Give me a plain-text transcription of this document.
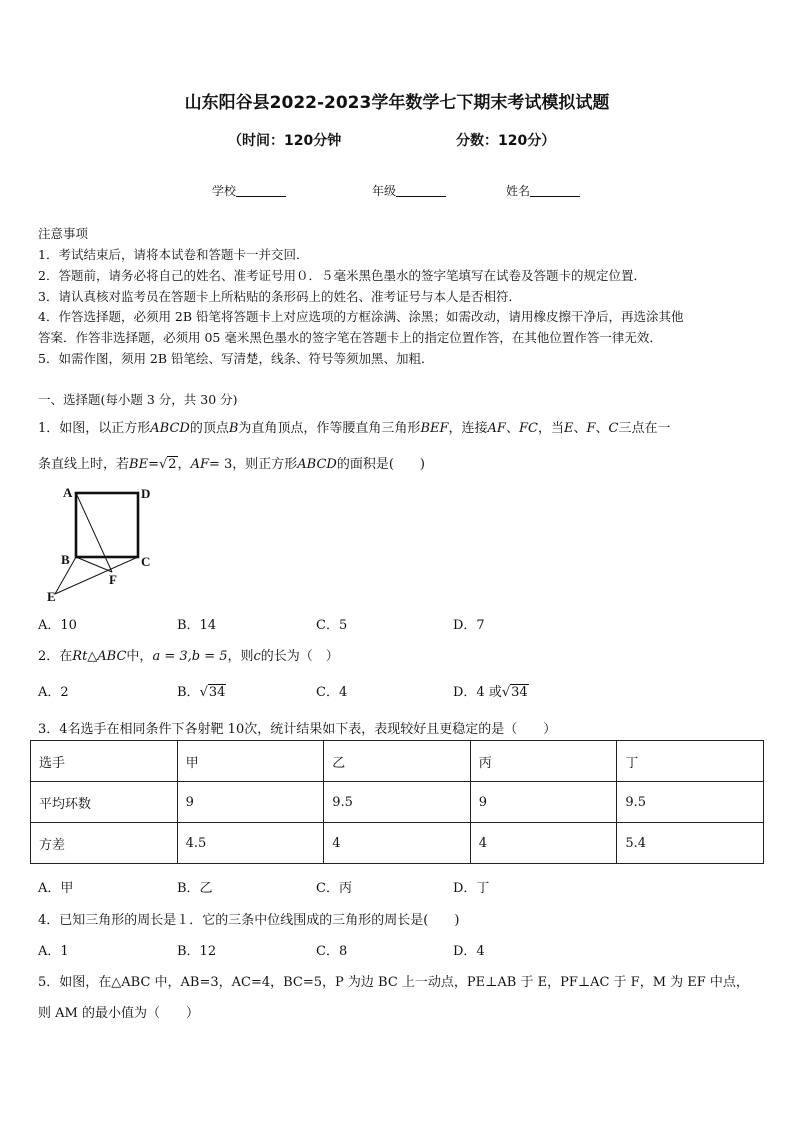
山东阳谷县2022-2023学年数学七下期末考试模拟试题
（时间：120分钟	分数：120分）
学校	年级	姓名
注意事项
1．考试结束后，请将本试卷和答题卡一并交回．
2．答题前，请务必将自己的姓名、准考证号用０．５毫米黑色墨水的签字笔填写在试卷及答题卡的规定位置．
3．请认真核对监考员在答题卡上所粘贴的条形码上的姓名、准考证号与本人是否相符．
4．作答选择题，必须用 2B 铅笔将答题卡上对应选项的方框涂满、涂黑；如需改动，请用橡皮擦干净后，再选涂其他
答案．作答非选择题，必须用 05 毫米黑色墨水的签字笔在答题卡上的指定位置作答，在其他位置作答一律无效．
5．如需作图，须用 2B 铅笔绘、写清楚，线条、符号等须加黑、加粗．
一、选择题(每小题 3 分，共 30 分)
1．如图，以正方形ABCD的顶点B为直角顶点，作等腰直角三角形BEF，连接AF、FC，当E、F、C三点在一
条直线上时，若BE=√2，AF= 3，则正方形ABCD的面积是(　　)
A	D
B	C
F
E
A．10	B．14	C．5	D．7
2．在Rt△ABC中，a = 3,b = 5，则c的长为（　）
A．2	B．√34	C．4	D．4 或√34
3．4名选手在相同条件下各射靶 10次，统计结果如下表，表现较好且更稳定的是（　　）
选手	甲	乙	丙	丁
平均环数	9	9.5	9	9.5
方差	4.5	4	4	5.4
A．甲	B．乙	C．丙	D．丁
4．已知三角形的周长是１．它的三条中位线围成的三角形的周长是(　　)
A．1	B．12	C．8	D．4
5．如图，在△ABC 中，AB=3，AC=4，BC=5，P 为边 BC 上一动点，PE⊥AB 于 E，PF⊥AC 于 F，M 为 EF 中点，
则 AM 的最小值为（　　）
